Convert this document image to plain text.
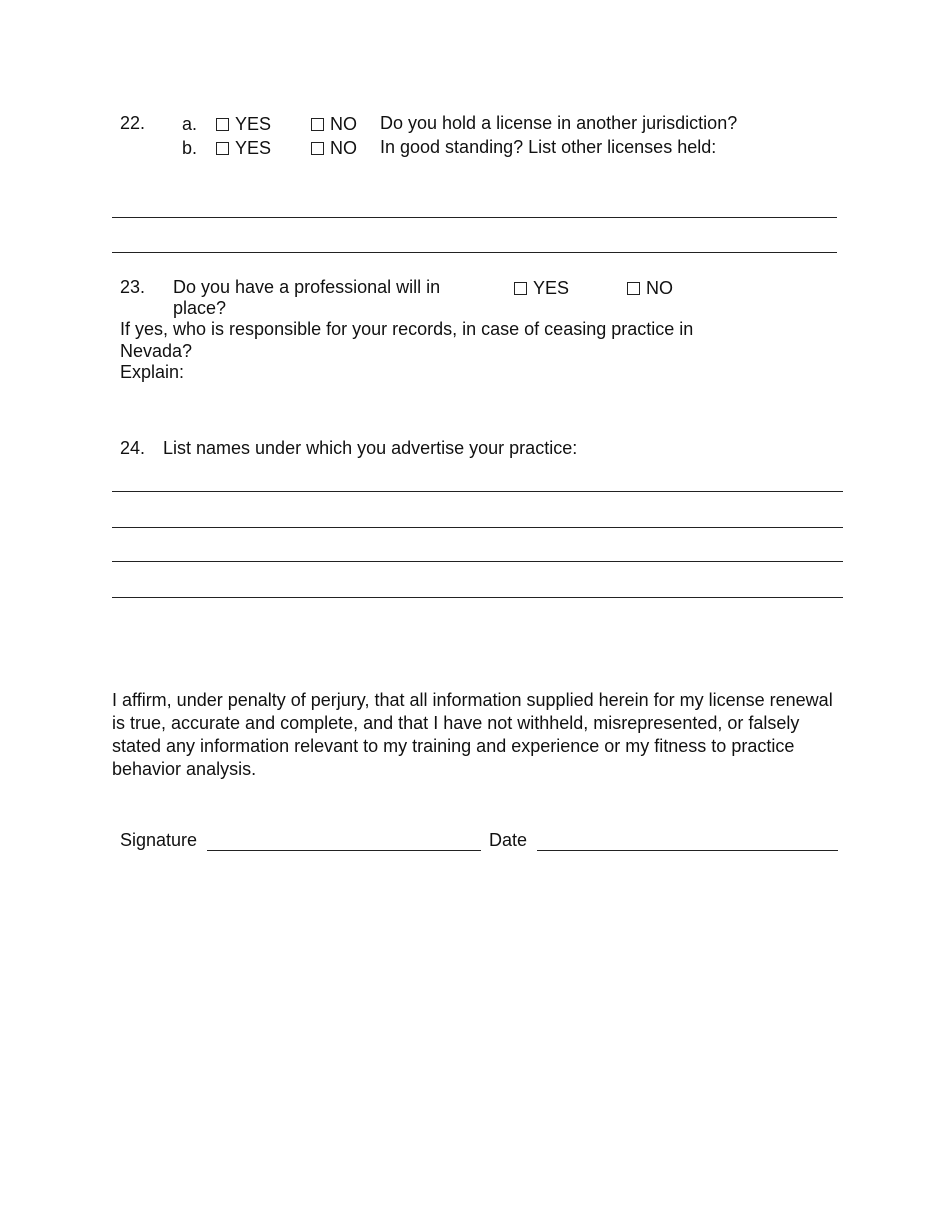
22. a.	YES	NO Do you hold a license in another jurisdiction?
b.	YES	NO In good standing? List other licenses held:
23. Do you have a professional will in
place?
YES	NO
If yes, who is responsible for your records, in case of ceasing practice in
Nevada?
Explain:
24. List names under which you advertise your practice:
I affirm, under penalty of perjury, that all information supplied herein for my license renewal is true, accurate and complete, and that I have not withheld, misrepresented, or falsely stated any information relevant to my training and experience or my fitness to practice behavior analysis.
Signature	Date
